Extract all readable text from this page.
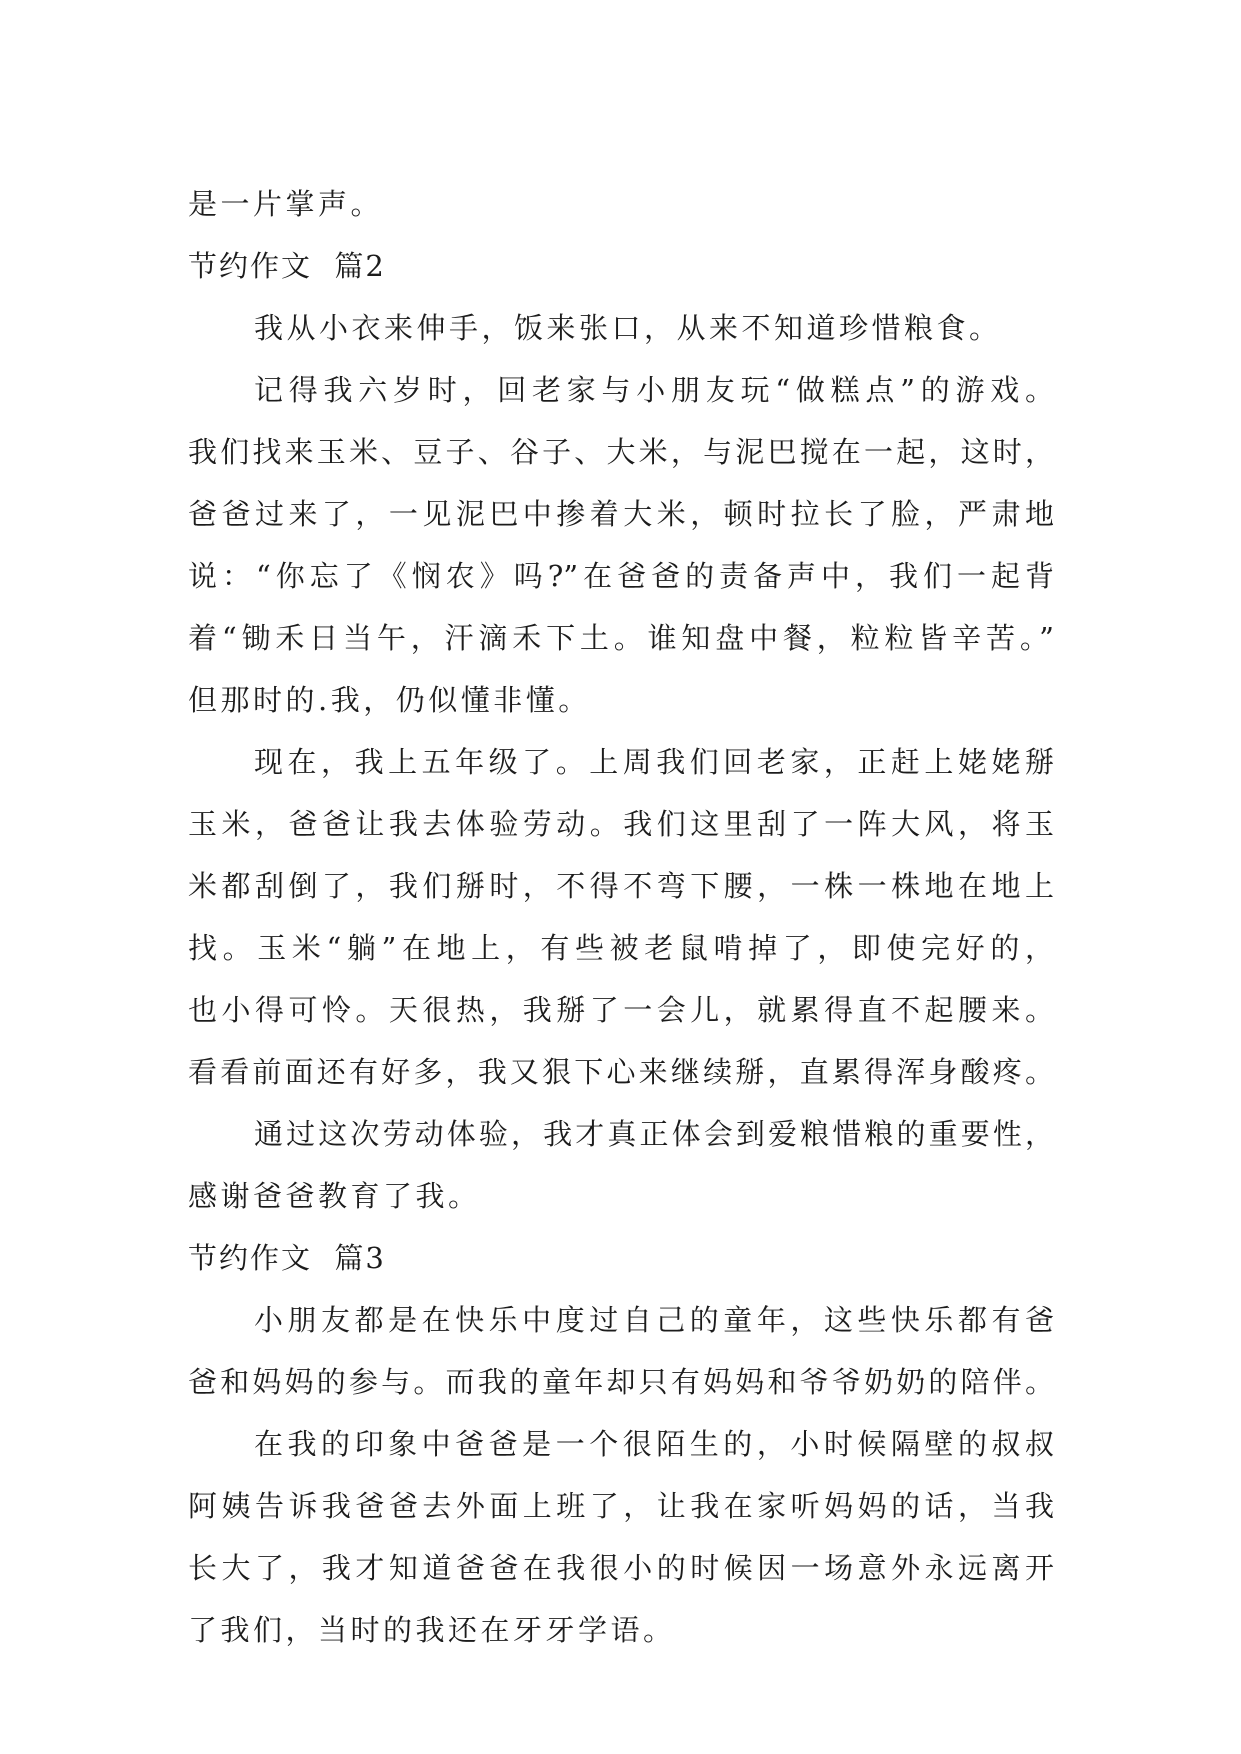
是一片掌声。
节约作文  篇2
我从小衣来伸手，饭来张口，从来不知道珍惜粮食。
记得我六岁时，回老家与小朋友玩“做糕点”的游戏。
我们找来玉米、豆子、谷子、大米，与泥巴搅在一起，这时，
爸爸过来了，一见泥巴中掺着大米，顿时拉长了脸，严肃地
说：“你忘了《悯农》吗?”在爸爸的责备声中，我们一起背
着“锄禾日当午，汗滴禾下土。谁知盘中餐，粒粒皆辛苦。”
但那时的.我，仍似懂非懂。
现在，我上五年级了。上周我们回老家，正赶上姥姥掰
玉米，爸爸让我去体验劳动。我们这里刮了一阵大风，将玉
米都刮倒了，我们掰时，不得不弯下腰，一株一株地在地上
找。玉米“躺”在地上，有些被老鼠啃掉了，即使完好的，
也小得可怜。天很热，我掰了一会儿，就累得直不起腰来。
看看前面还有好多，我又狠下心来继续掰，直累得浑身酸疼。
通过这次劳动体验，我才真正体会到爱粮惜粮的重要性，
感谢爸爸教育了我。
节约作文  篇3
小朋友都是在快乐中度过自己的童年，这些快乐都有爸
爸和妈妈的参与。而我的童年却只有妈妈和爷爷奶奶的陪伴。
在我的印象中爸爸是一个很陌生的，小时候隔壁的叔叔
阿姨告诉我爸爸去外面上班了，让我在家听妈妈的话，当我
长大了，我才知道爸爸在我很小的时候因一场意外永远离开
了我们，当时的我还在牙牙学语。
